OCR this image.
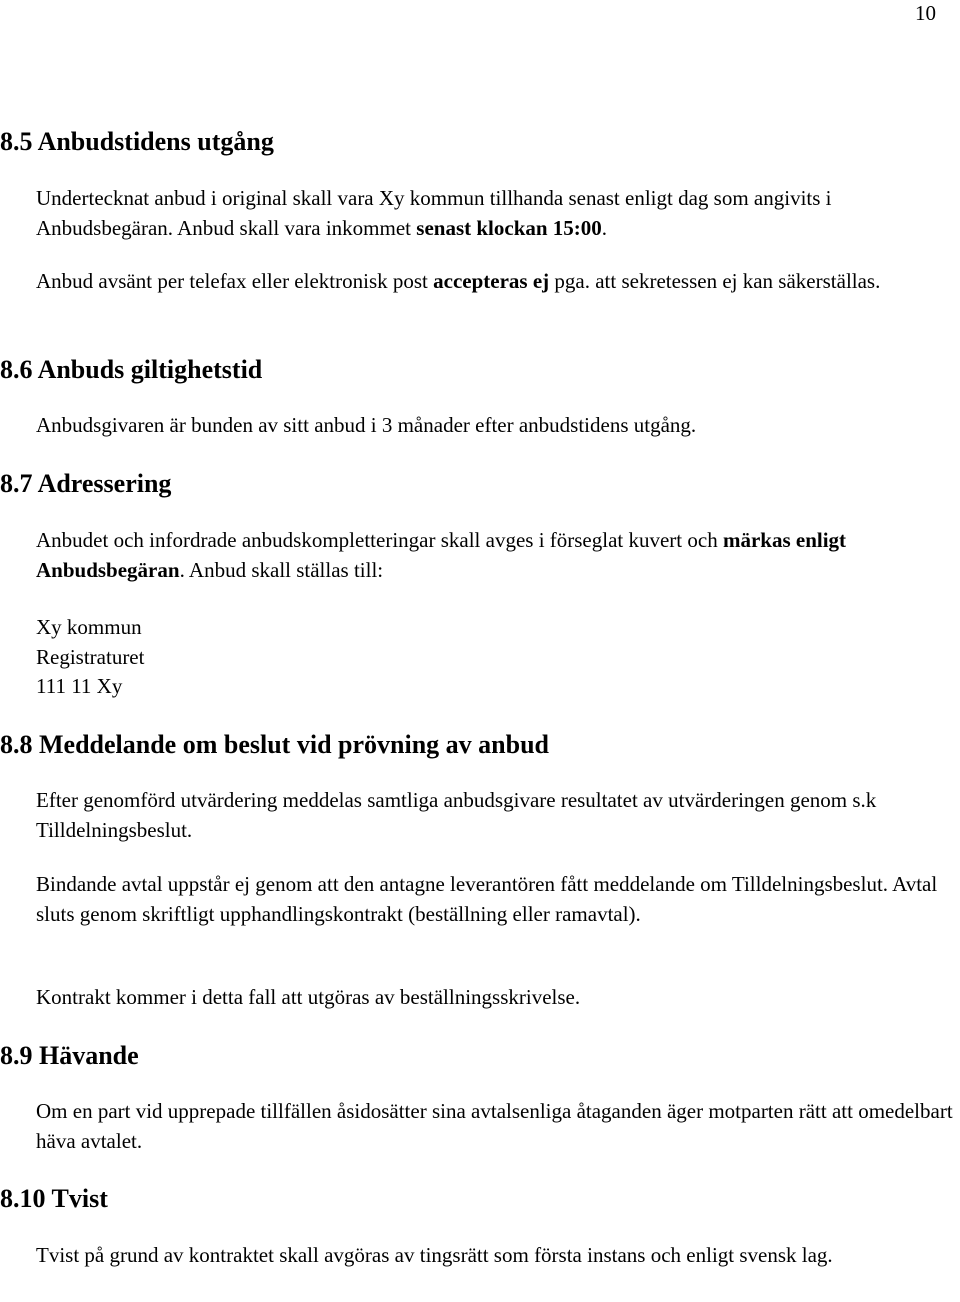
10
8.5 Anbudstidens utgång
Undertecknat anbud i original skall vara Xy kommun tillhanda senast enligt dag som angivits i Anbudsbegäran. Anbud skall vara inkommet senast klockan 15:00.
Anbud avsänt per telefax eller elektronisk post accepteras ej pga. att sekretessen ej kan säkerställas.
8.6 Anbuds giltighetstid
Anbudsgivaren är bunden av sitt anbud i 3 månader efter anbudstidens utgång.
8.7 Adressering
Anbudet och infordrade anbudskompletteringar skall avges i förseglat kuvert och märkas enligt Anbudsbegäran. Anbud skall ställas till:
Xy kommun
Registraturet
111 11 Xy
8.8 Meddelande om beslut vid prövning av anbud
Efter genomförd utvärdering meddelas samtliga anbudsgivare resultatet av utvärderingen genom s.k Tilldelningsbeslut.
Bindande avtal uppstår ej genom att den antagne leverantören fått meddelande om Tilldelningsbeslut. Avtal sluts genom skriftligt upphandlingskontrakt (beställning eller ramavtal).
Kontrakt kommer i detta fall att utgöras av beställningsskrivelse.
8.9 Hävande
Om en part vid upprepade tillfällen åsidosätter sina avtalsenliga åtaganden äger motparten rätt att omedelbart häva avtalet.
8.10 Tvist
Tvist på grund av kontraktet skall avgöras av tingsrätt som första instans och enligt svensk lag.
